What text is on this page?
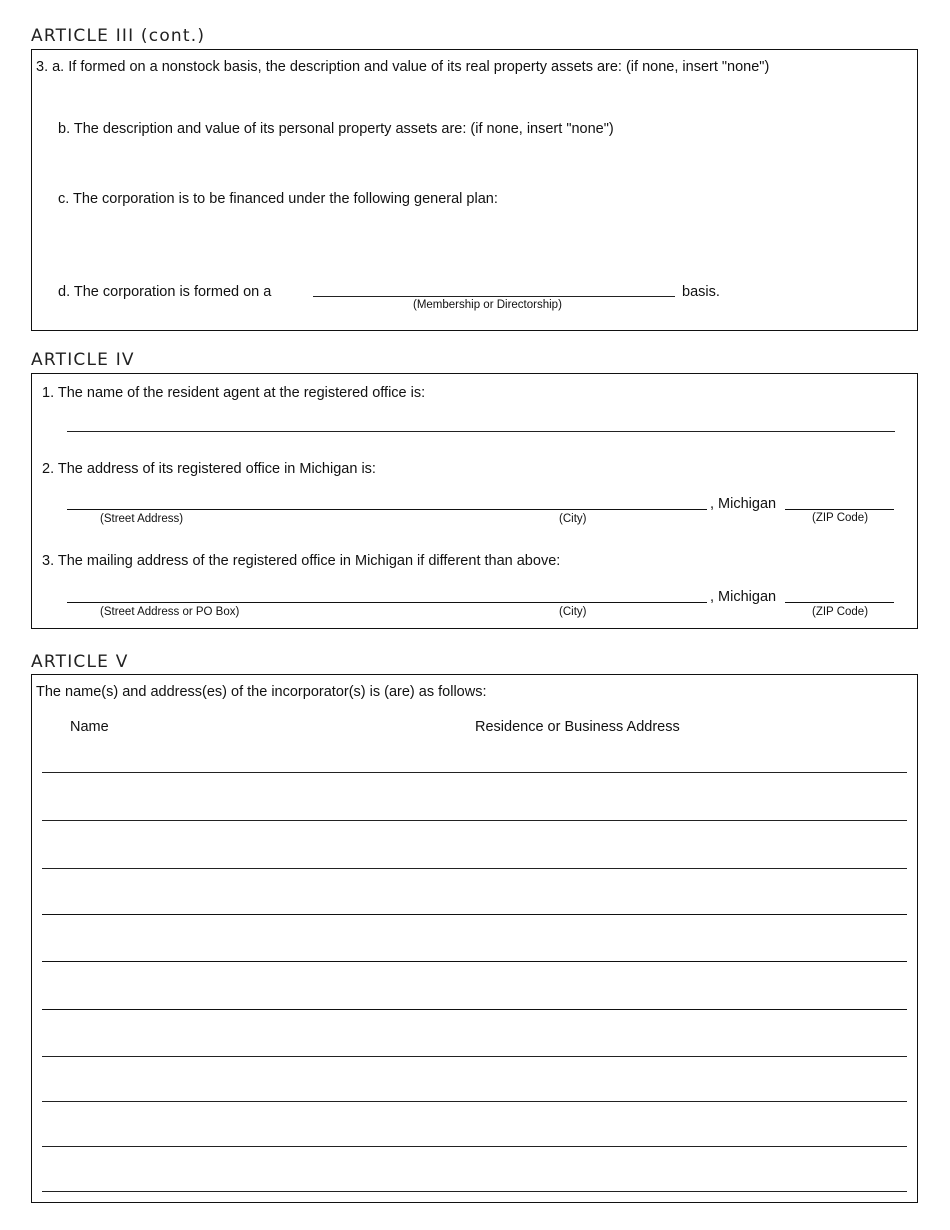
ARTICLE III (cont.)
3. a. If formed on a nonstock basis, the description and value of its real property assets are: (if none, insert "none")
b. The description and value of its personal property assets are: (if none, insert "none")
c. The corporation is to be financed under the following general plan:
d. The corporation is formed on a	basis.
(Membership or Directorship)
ARTICLE IV
1. The name of the resident agent at the registered office is:
2. The address of its registered office in Michigan is:
, Michigan
(Street Address)	(City)	(ZIP Code)
3. The mailing address of the registered office in Michigan if different than above:
, Michigan
(Street Address or PO Box)	(City)	(ZIP Code)
ARTICLE V
The name(s) and address(es) of the incorporator(s) is (are) as follows:
Name	Residence or Business Address
